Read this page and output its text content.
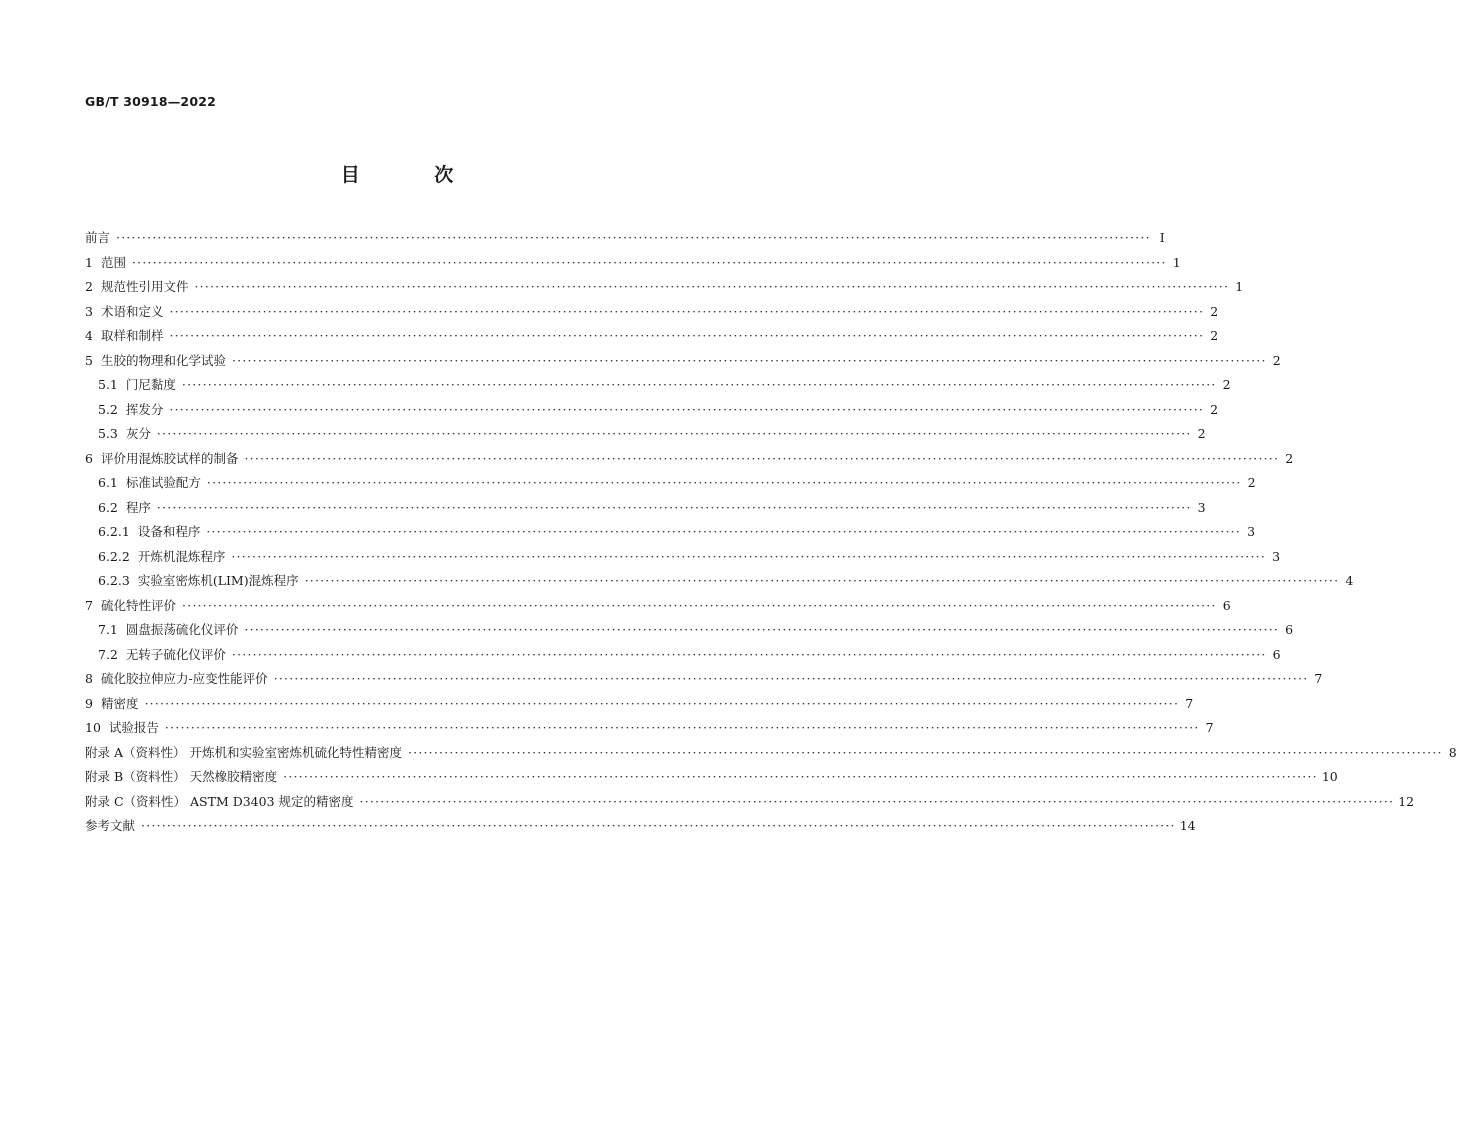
GB/T 30918—2022
目 次
前言 ········································································································································································································ I
1 范围 ········································································································································································································ 1
2 规范性引用文件 ········································································································································································································ 1
3 术语和定义 ········································································································································································································ 2
4 取样和制样 ········································································································································································································ 2
5 生胶的物理和化学试验 ········································································································································································································ 2
5.1 门尼黏度 ········································································································································································································ 2
5.2 挥发分 ········································································································································································································ 2
5.3 灰分 ········································································································································································································ 2
6 评价用混炼胶试样的制备 ········································································································································································································ 2
6.1 标准试验配方 ········································································································································································································ 2
6.2 程序 ········································································································································································································ 3
6.2.1 设备和程序 ········································································································································································································ 3
6.2.2 开炼机混炼程序 ········································································································································································································ 3
6.2.3 实验室密炼机(LIM)混炼程序 ········································································································································································································ 4
7 硫化特性评价 ········································································································································································································ 6
7.1 圆盘振荡硫化仪评价 ········································································································································································································ 6
7.2 无转子硫化仪评价 ········································································································································································································ 6
8 硫化胶拉伸应力-应变性能评价 ········································································································································································································ 7
9 精密度 ········································································································································································································ 7
10 试验报告 ········································································································································································································ 7
附录 A（资料性） 开炼机和实验室密炼机硫化特性精密度 ········································································································································································································ 8
附录 B（资料性） 天然橡胶精密度 ········································································································································································································ 10
附录 C（资料性） ASTM D3403 规定的精密度 ········································································································································································································ 12
参考文献 ········································································································································································································ 14
